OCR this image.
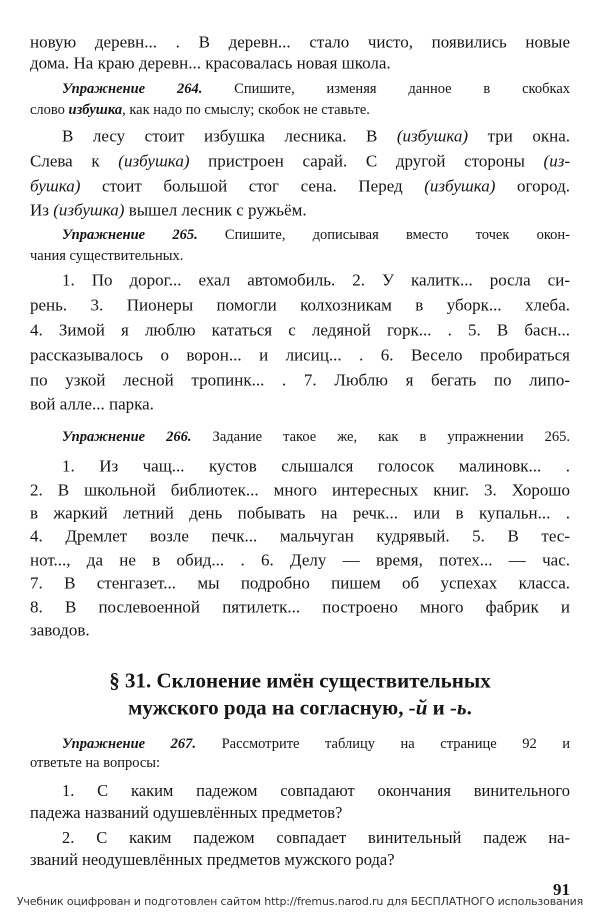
новую деревн... . В деревн... стало чисто, появились новые
дома. На краю деревн... красовалась новая школа.
Упражнение 264. Спишите, изменяя данное в скобках
слово избушка, как надо по смыслу; скобок не ставьте.
В лесу стоит избушка лесника. В (избушка) три окна.
Слева к (избушка) пристроен сарай. С другой стороны (из-
бушка) стоит большой стог сена. Перед (избушка) огород.
Из (избушка) вышел лесник с ружьём.
Упражнение 265. Спишите, дописывая вместо точек окон-
чания существительных.
1. По дорог... ехал автомобиль. 2. У калитк... росла си-
рень. 3. Пионеры помогли колхозникам в уборк... хлеба.
4. Зимой я люблю кататься с ледяной горк... . 5. В басн...
рассказывалось о ворон... и лисиц... . 6. Весело пробираться
по узкой лесной тропинк... . 7. Люблю я бегать по липо-
вой алле... парка.
Упражнение 266. Задание такое же, как в упражнении 265.
1. Из чащ... кустов слышался голосок малиновк... .
2. В школьной библиотек... много интересных книг. 3. Хорошо
в жаркий летний день побывать на речк... или в купальн... .
4. Дремлет возле печк... мальчуган кудрявый. 5. В тес-
нот..., да не в обид... . 6. Делу — время, потех... — час.
7. В стенгазет... мы подробно пишем об успехах класса.
8. В послевоенной пятилетк... построено много фабрик и
заводов.
§ 31. Склонение имён существительных
мужского рода на согласную, -й и -ь.
Упражнение 267. Рассмотрите таблицу на странице 92 и
ответьте на вопросы:
1. С каким падежом совпадают окончания винительного
падежа названий одушевлённых предметов?
2. С каким падежом совпадает винительный падеж на-
званий неодушевлённых предметов мужского рода?
91
Учебник оцифрован и подготовлен сайтом http://fremus.narod.ru для БЕСПЛАТНОГО использования
